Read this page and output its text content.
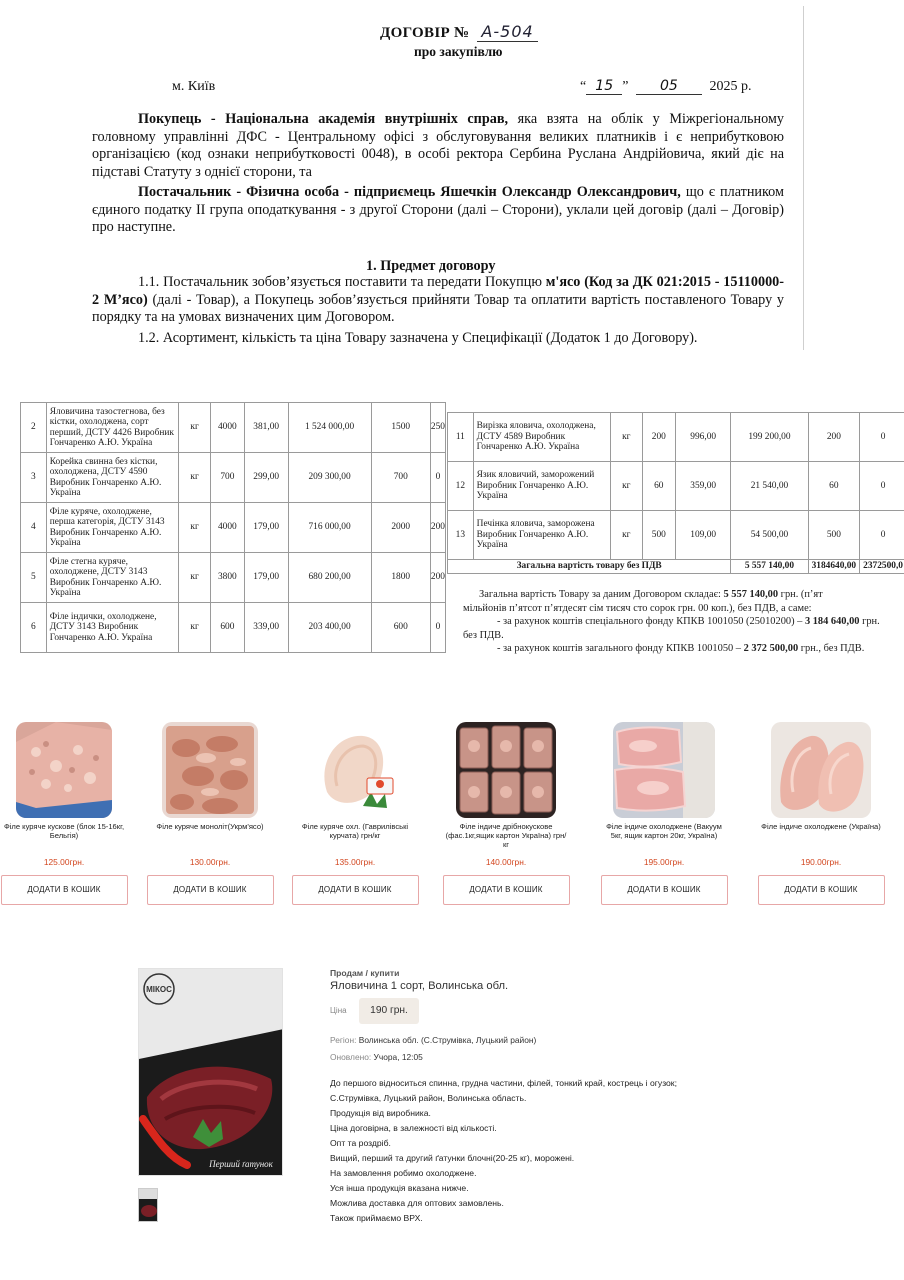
ДОГОВІР № А-504
про закупівлю
м. Київ	“ 15 ” 05 2025 р.
Покупець - Національна академія внутрішніх справ, яка взята на облік у Міжрегіональному головному управлінні ДФС - Центральному офісі з обслуговування великих платників і є неприбутковою організацією (код ознаки неприбутковості 0048), в особі ректора Сербина Руслана Андрійовича, який діє на підставі Статуту з однієї сторони, та
Постачальник - Фізична особа - підприємець Яшечкін Олександр Олександрович, що є платником єдиного податку ІІ група оподаткування - з другої Сторони (далі – Сторони), уклали цей договір (далі – Договір) про наступне.
1. Предмет договору
1.1. Постачальник зобов’язується поставити та передати Покупцю м'ясо (Код за ДК 021:2015 - 15110000-2 М’ясо) (далі - Товар), а Покупець зобов’язується прийняти Товар та оплатити вартість поставленого Товару у порядку та на умовах визначених цим Договором.
1.2. Асортимент, кількість та ціна Товару зазначена у Специфікації (Додаток 1 до Договору).
2	Яловичина тазостегнова, без кістки, охолоджена, сорт перший, ДСТУ 4426 Виробник Гончаренко А.Ю. Україна	кг	4000	381,00	1 524 000,00	1500	250
3	Корейка свинна без кістки, охолоджена, ДСТУ 4590 Виробник Гончаренко А.Ю. Україна	кг	700	299,00	209 300,00	700	0
4	Філе куряче, охолоджене, перша категорія, ДСТУ 3143 Виробник Гончаренко А.Ю. Україна	кг	4000	179,00	716 000,00	2000	200
5	Філе стегна куряче, охолоджене, ДСТУ 3143 Виробник Гончаренко А.Ю. Україна	кг	3800	179,00	680 200,00	1800	200
6	Філе індички, охолоджене, ДСТУ 3143 Виробник Гончаренко А.Ю. Україна	кг	600	339,00	203 400,00	600	0
11	Вирізка яловича, охолоджена, ДСТУ 4589 Виробник Гончаренко А.Ю. Україна	кг	200	996,00	199 200,00	200	0
12	Язик яловичий, заморожений Виробник Гончаренко А.Ю. Україна	кг	60	359,00	21 540,00	60	0
13	Печінка яловича, заморожена Виробник Гончаренко А.Ю. Україна	кг	500	109,00	54 500,00	500	0
Загальна вартість товару без ПДВ					5 557 140,00	3184640,00	2372500,0
Загальна вартість Товару за даним Договором складає: 5 557 140,00 грн. (п’ят
мільйонів п’ятсот п’ятдесят сім тисяч сто сорок грн. 00 коп.), без ПДВ, а саме:
- за рахунок коштів спеціального фонду КПКВ 1001050 (25010200) – 3 184 640,00 грн.
без ПДВ.
- за рахунок коштів загального фонду КПКВ 1001050 – 2 372 500,00 грн., без ПДВ.
Філе куряче кускове (блок 15-16кг, Бельгія)
125.00грн.
ДОДАТИ В КОШИК
Філе куряче моноліт(Укрм'ясо)
130.00грн.
ДОДАТИ В КОШИК
Філе куряче охл. (Гаврилівські курчата) грн/кг
135.00грн.
ДОДАТИ В КОШИК
Філе індиче дрібнокускове (фас.1кг,ящик картон Україна) грн/кг
140.00грн.
ДОДАТИ В КОШИК
Філе індиче охолоджене (Вакуум 5кг, ящик картон 20кг, Україна)
195.00грн.
ДОДАТИ В КОШИК
Філе індиче охолоджене (Україна)
190.00грн.
ДОДАТИ В КОШИК
МІКОС
Перший ґатунок
Продам / купити
Яловичина 1 сорт, Волинська обл.
Ціна	190 грн.
Регіон: Волинська обл. (С.Струмівка, Луцький район)
Оновлено: Учора, 12:05
До першого відноситься спинна, грудна частини, філей, тонкий край, кострець і огузок;
С.Струмівка, Луцький район, Волинська область.
Продукція від виробника.
Ціна договірна, в залежності від кількості.
Опт та роздріб.
Вищий, перший та другий ґатунки блочні(20-25 кг), морожені.
На замовлення робимо охолоджене.
Уся інша продукція вказана нижче.
Можлива доставка для оптових замовлень.
Також приймаємо ВРХ.
